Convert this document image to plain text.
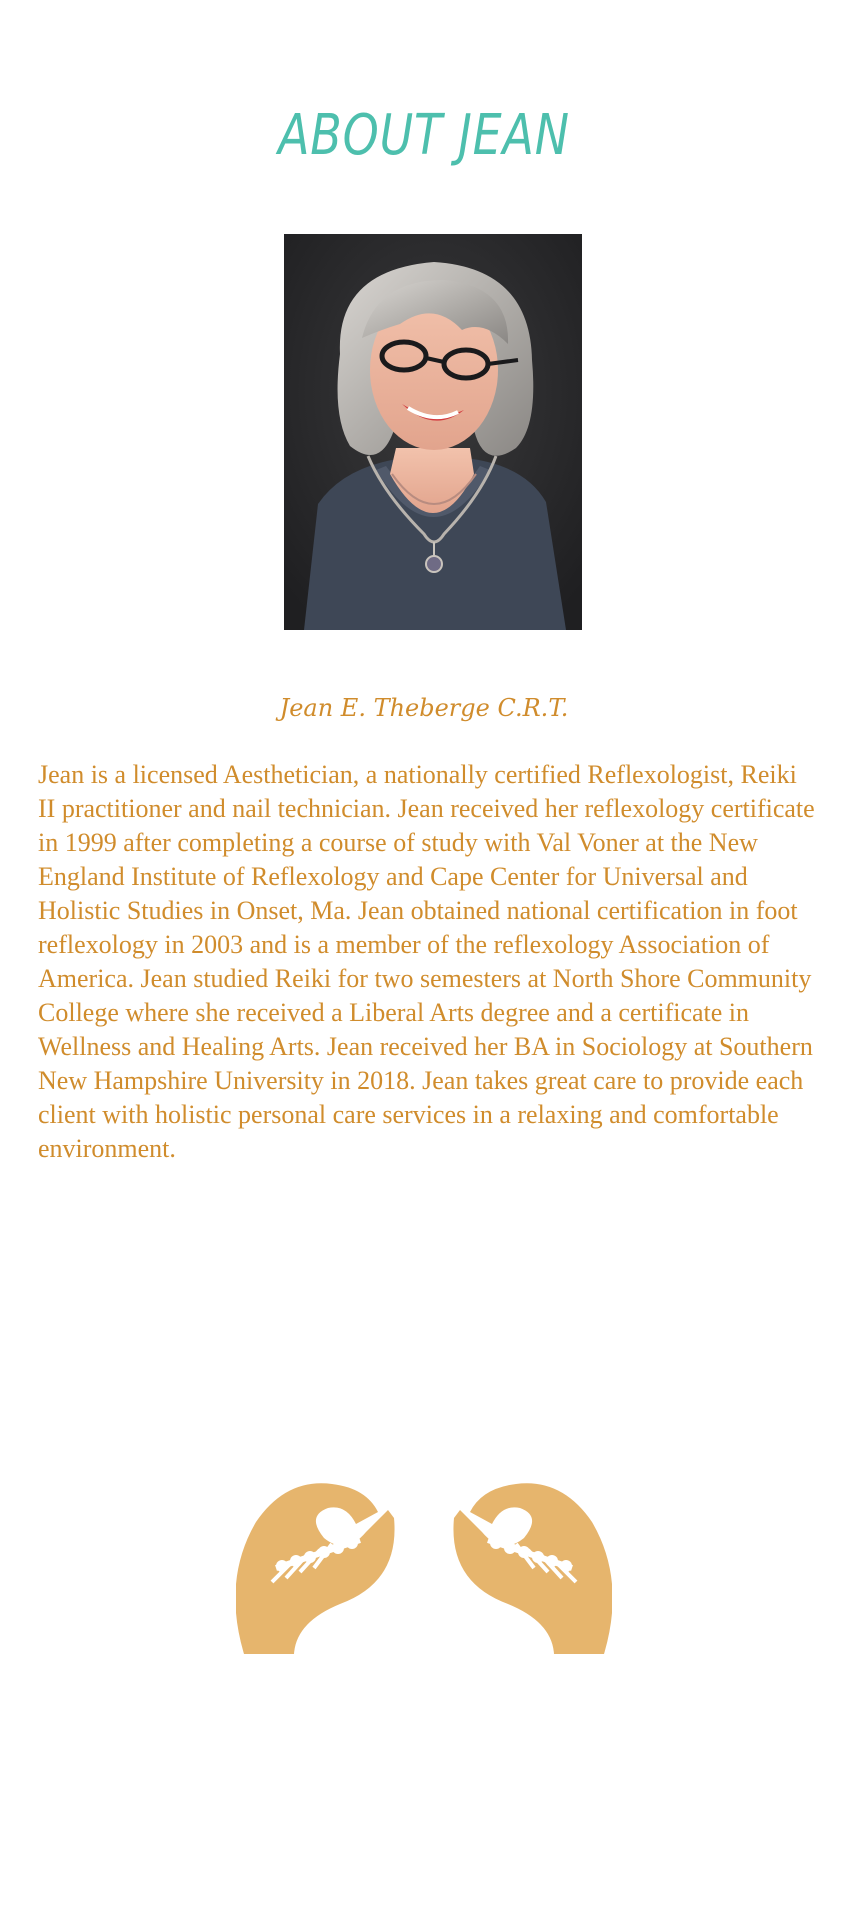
ABOUT JEAN

Jean E. Theberge C.R.T.

Jean is a licensed Aesthetician, a nationally certified Reflexologist, Reiki II practitioner and nail technician. Jean received her reflexology certificate in 1999 after completing a course of study with Val Voner at the New England Institute of Reflexology and Cape Center for Universal and Holistic Studies in Onset, Ma. Jean obtained national certification in foot reflexology in 2003 and is a member of the reflexology Association of America. Jean studied Reiki for two semesters at North Shore Community College where she received a Liberal Arts degree and a certificate in Wellness and Healing Arts. Jean received her BA in Sociology at Southern New Hampshire University in 2018. Jean takes great care to provide each client with holistic personal care services in a relaxing and comfortable environment.
